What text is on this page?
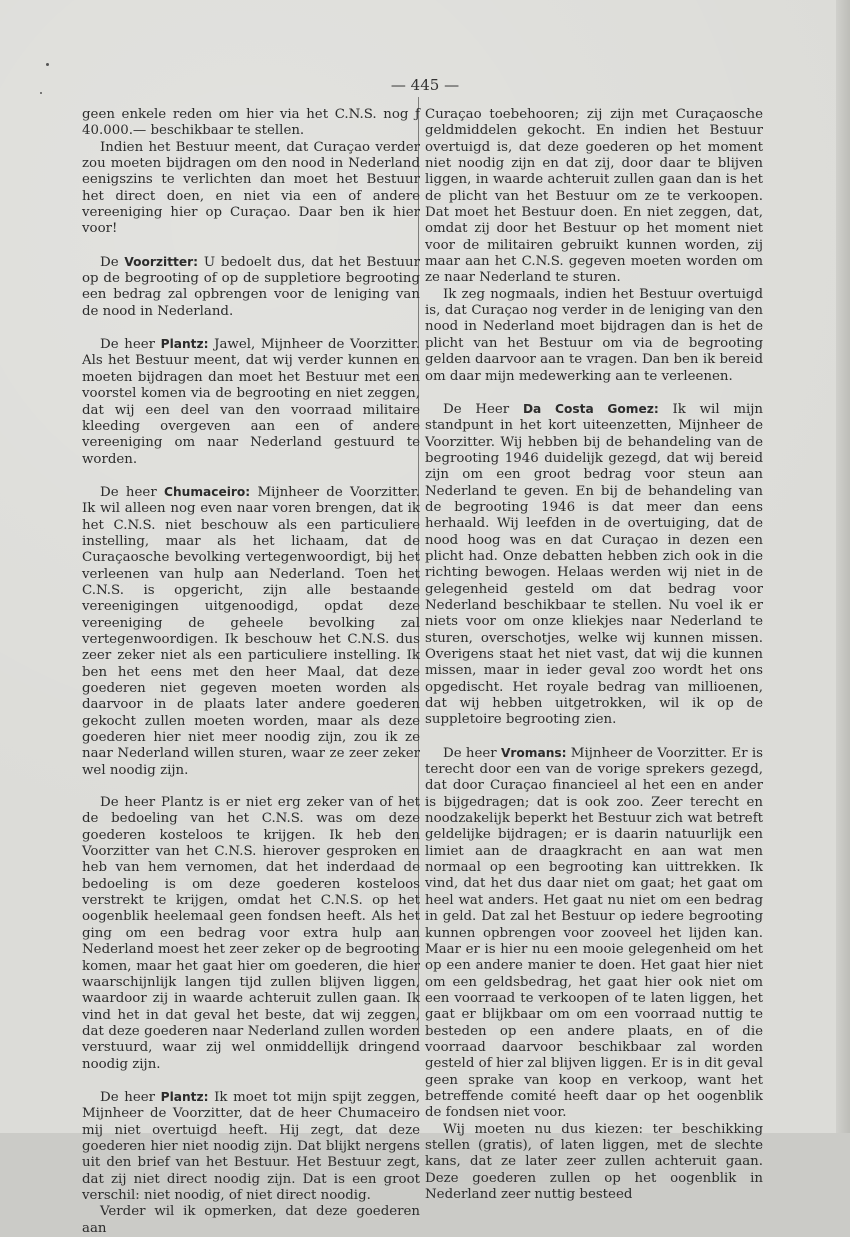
— 445 —

geen enkele reden om hier via het C.N.S. nog ƒ 40.000.— beschikbaar te stellen.

Indien het Bestuur meent, dat Curaçao verder zou moeten bijdragen om den nood in Nederland eenigszins te verlichten dan moet het Bestuur het direct doen, en niet via een of andere vereeniging hier op Curaçao. Daar ben ik hier voor!

De Voorzitter: U bedoelt dus, dat het Bestuur op de begrooting of op de suppletiore begrooting een bedrag zal opbrengen voor de leniging van de nood in Nederland.

De heer Plantz: Jawel, Mijnheer de Voorzitter. Als het Bestuur meent, dat wij verder kunnen en moeten bijdragen dan moet het Bestuur met een voorstel komen via de begrooting en niet zeggen, dat wij een deel van den voorraad militaire kleeding overgeven aan een of andere vereeniging om naar Nederland gestuurd te worden.

De heer Chumaceiro: Mijnheer de Voorzitter. Ik wil alleen nog even naar voren brengen, dat ik het C.N.S. niet beschouw als een particuliere instelling, maar als het lichaam, dat de Curaçaosche bevolking vertegenwoordigt, bij het verleenen van hulp aan Nederland. Toen het C.N.S. is opgericht, zijn alle bestaande vereenigingen uitgenoodigd, opdat deze vereeniging de geheele bevolking zal vertegenwoordigen. Ik beschouw het C.N.S. dus zeer zeker niet als een particuliere instelling. Ik ben het eens met den heer Maal, dat deze goederen niet gegeven moeten worden als daarvoor in de plaats later andere goederen gekocht zullen moeten worden, maar als deze goederen hier niet meer noodig zijn, zou ik ze naar Nederland willen sturen, waar ze zeer zeker wel noodig zijn.

De heer Plantz is er niet erg zeker van of het de bedoeling van het C.N.S. was om deze goederen kosteloos te krijgen. Ik heb den Voorzitter van het C.N.S. hierover gesproken en heb van hem vernomen, dat het inderdaad de bedoeling is om deze goederen kosteloos verstrekt te krijgen, omdat het C.N.S. op het oogenblik heelemaal geen fondsen heeft. Als het ging om een bedrag voor extra hulp aan Nederland moest het zeer zeker op de begrooting komen, maar het gaat hier om goederen, die hier waarschijnlijk langen tijd zullen blijven liggen, waardoor zij in waarde achteruit zullen gaan. Ik vind het in dat geval het beste, dat wij zeggen, dat deze goederen naar Nederland zullen worden verstuurd, waar zij wel onmiddellijk dringend noodig zijn.

De heer Plantz: Ik moet tot mijn spijt zeggen, Mijnheer de Voorzitter, dat de heer Chumaceiro mij niet overtuigd heeft. Hij zegt, dat deze goederen hier niet noodig zijn. Dat blijkt nergens uit den brief van het Bestuur. Het Bestuur zegt, dat zij niet direct noodig zijn. Dat is een groot verschil: niet noodig, of niet direct noodig.

Verder wil ik opmerken, dat deze goederen aan

Curaçao toebehooren; zij zijn met Curaçaosche geldmiddelen gekocht. En indien het Bestuur overtuigd is, dat deze goederen op het moment niet noodig zijn en dat zij, door daar te blijven liggen, in waarde achteruit zullen gaan dan is het de plicht van het Bestuur om ze te verkoopen. Dat moet het Bestuur doen. En niet zeggen, dat, omdat zij door het Bestuur op het moment niet voor de militairen gebruikt kunnen worden, zij maar aan het C.N.S. gegeven moeten worden om ze naar Nederland te sturen.

Ik zeg nogmaals, indien het Bestuur overtuigd is, dat Curaçao nog verder in de leniging van den nood in Nederland moet bijdragen dan is het de plicht van het Bestuur om via de begrooting gelden daarvoor aan te vragen. Dan ben ik bereid om daar mijn medewerking aan te verleenen.

De Heer Da Costa Gomez: Ik wil mijn standpunt in het kort uiteenzetten, Mijnheer de Voorzitter. Wij hebben bij de behandeling van de begrooting 1946 duidelijk gezegd, dat wij bereid zijn om een groot bedrag voor steun aan Nederland te geven. En bij de behandeling van de begrooting 1946 is dat meer dan eens herhaald. Wij leefden in de overtuiging, dat de nood hoog was en dat Curaçao in dezen een plicht had. Onze debatten hebben zich ook in die richting bewogen. Helaas werden wij niet in de gelegenheid gesteld om dat bedrag voor Nederland beschikbaar te stellen. Nu voel ik er niets voor om onze kliekjes naar Nederland te sturen, overschotjes, welke wij kunnen missen. Overigens staat het niet vast, dat wij die kunnen missen, maar in ieder geval zoo wordt het ons opgedischt. Het royale bedrag van millioenen, dat wij hebben uitgetrokken, wil ik op de suppletoire begrooting zien.

De heer Vromans: Mijnheer de Voorzitter. Er is terecht door een van de vorige sprekers gezegd, dat door Curaçao financieel al het een en ander is bijgedragen; dat is ook zoo. Zeer terecht en noodzakelijk beperkt het Bestuur zich wat betreft geldelijke bijdragen; er is daarin natuurlijk een limiet aan de draagkracht en aan wat men normaal op een begrooting kan uittrekken. Ik vind, dat het dus daar niet om gaat; het gaat om heel wat anders. Het gaat nu niet om een bedrag in geld. Dat zal het Bestuur op iedere begrooting kunnen opbrengen voor zooveel het lijden kan. Maar er is hier nu een mooie gelegenheid om het op een andere manier te doen. Het gaat hier niet om een geldsbedrag, het gaat hier ook niet om een voorraad te verkoopen of te laten liggen, het gaat er blijkbaar om om een voorraad nuttig te besteden op een andere plaats, en of die voorraad daarvoor beschikbaar zal worden gesteld of hier zal blijven liggen. Er is in dit geval geen sprake van koop en verkoop, want het betreffende comité heeft daar op het oogenblik de fondsen niet voor.

Wij moeten nu dus kiezen: ter beschikking stellen (gratis), of laten liggen, met de slechte kans, dat ze later zeer zullen achteruit gaan. Deze goederen zullen op het oogenblik in Nederland zeer nuttig besteed
